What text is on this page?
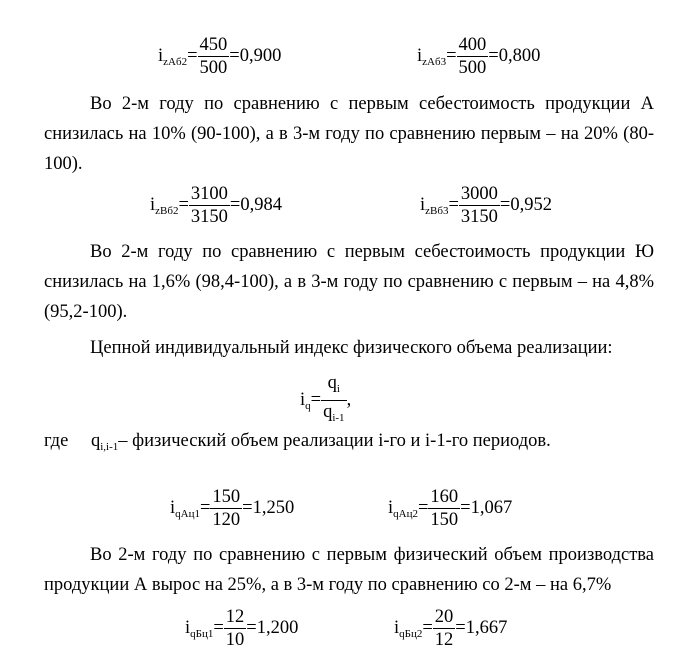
$i_{zAб2}= \frac{450}{500} =0,900$	$i_{zAб3}= \frac{400}{500} =0,800$
Во 2-м году по сравнению с первым себестоимость продукции А снизилась на 10% (90-100), а в 3-м году по сравнению первым – на 20% (80-100).
$i_{zBб2}= \frac{3100}{3150} =0,984$	$i_{zBб3}= \frac{3000}{3150} =0,952$
Во 2-м году по сравнению с первым себестоимость продукции Ю снизилась на 1,6% (98,4-100), а в 3-м году по сравнению с первым – на 4,8% (95,2-100).
Цепной индивидуальный индекс физического объема реализации:
$i_q= \frac{q_i}{q_{i-1}}$ ,
где $q_{i,i-1}-$ физический объем реализации i-го и i-1-го периодов.
$i_{qAц1}= \frac{150}{120} =1,250$	$i_{qAц2}= \frac{160}{150} =1,067$
Во 2-м году по сравнению с первым физический объем производства продукции А вырос на 25%, а в 3-м году по сравнению со 2-м – на 6,7%
$i_{qБц1}= \frac{12}{10} =1,200$	$i_{qБц2}= \frac{20}{12} =1,667$
